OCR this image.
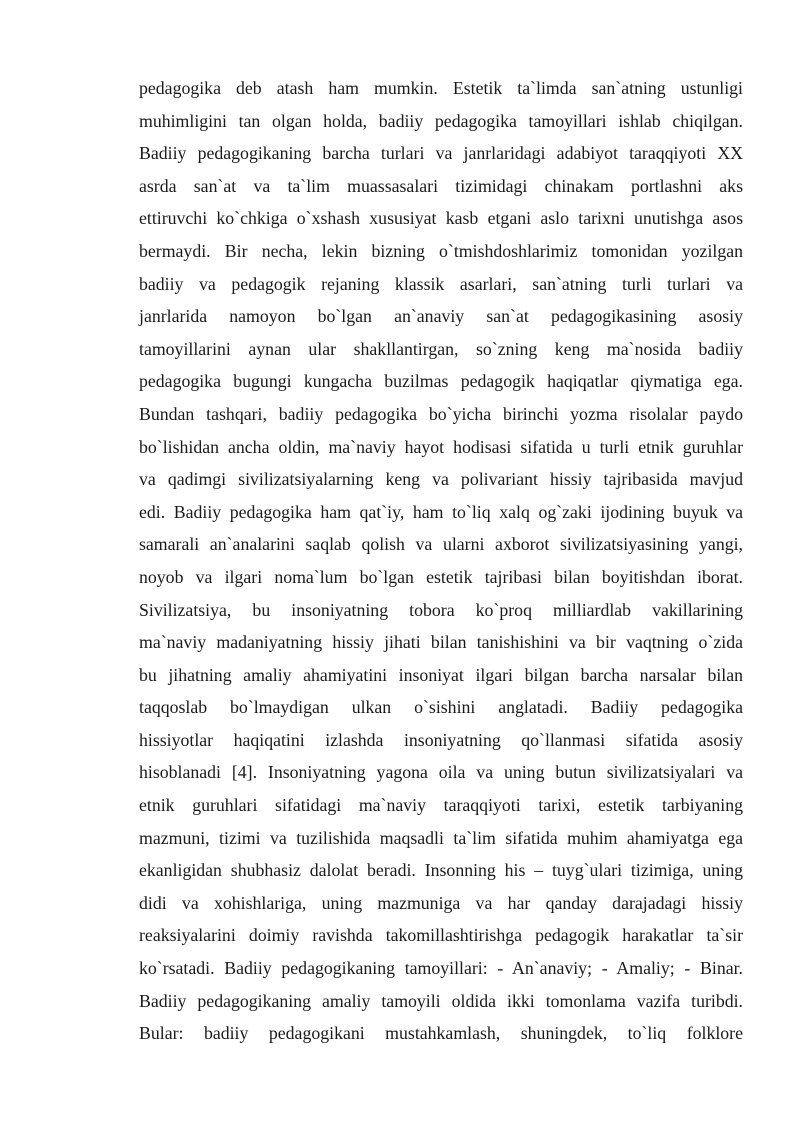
pedagogika deb atash ham mumkin. Estetik ta`limda san`atning ustunligi
muhimligini tan olgan holda, badiiy pedagogika tamoyillari ishlab chiqilgan.
Badiiy pedagogikaning barcha turlari va janrlaridagi adabiyot taraqqiyoti XX
asrda san`at va ta`lim muassasalari tizimidagi chinakam portlashni aks
ettiruvchi ko`chkiga o`xshash xususiyat kasb etgani aslo tarixni unutishga asos
bermaydi. Bir necha, lekin bizning o`tmishdoshlarimiz tomonidan yozilgan
badiiy va pedagogik rejaning klassik asarlari, san`atning turli turlari va
janrlarida namoyon bo`lgan an`anaviy san`at pedagogikasining asosiy
tamoyillarini aynan ular shakllantirgan, so`zning keng ma`nosida badiiy
pedagogika bugungi kungacha buzilmas pedagogik haqiqatlar qiymatiga ega.
Bundan tashqari, badiiy pedagogika bo`yicha birinchi yozma risolalar paydo
bo`lishidan ancha oldin, ma`naviy hayot hodisasi sifatida u turli etnik guruhlar
va qadimgi sivilizatsiyalarning keng va polivariant hissiy tajribasida mavjud
edi. Badiiy pedagogika ham qat`iy, ham to`liq xalq og`zaki ijodining buyuk va
samarali an`analarini saqlab qolish va ularni axborot sivilizatsiyasining yangi,
noyob va ilgari noma`lum bo`lgan estetik tajribasi bilan boyitishdan iborat.
Sivilizatsiya, bu insoniyatning tobora ko`proq milliardlab vakillarining
ma`naviy madaniyatning hissiy jihati bilan tanishishini va bir vaqtning o`zida
bu jihatning amaliy ahamiyatini insoniyat ilgari bilgan barcha narsalar bilan
taqqoslab bo`lmaydigan ulkan o`sishini anglatadi. Badiiy pedagogika
hissiyotlar haqiqatini izlashda insoniyatning qo`llanmasi sifatida asosiy
hisoblanadi [4]. Insoniyatning yagona oila va uning butun sivilizatsiyalari va
etnik guruhlari sifatidagi ma`naviy taraqqiyoti tarixi, estetik tarbiyaning
mazmuni, tizimi va tuzilishida maqsadli ta`lim sifatida muhim ahamiyatga ega
ekanligidan shubhasiz dalolat beradi. Insonning his – tuyg`ulari tizimiga, uning
didi va xohishlariga, uning mazmuniga va har qanday darajadagi hissiy
reaksiyalarini doimiy ravishda takomillashtirishga pedagogik harakatlar ta`sir
ko`rsatadi. Badiiy pedagogikaning tamoyillari: - An`anaviy; - Amaliy; - Binar.
Badiiy pedagogikaning amaliy tamoyili oldida ikki tomonlama vazifa turibdi.
Bular: badiiy pedagogikani mustahkamlash, shuningdek, to`liq folklore
